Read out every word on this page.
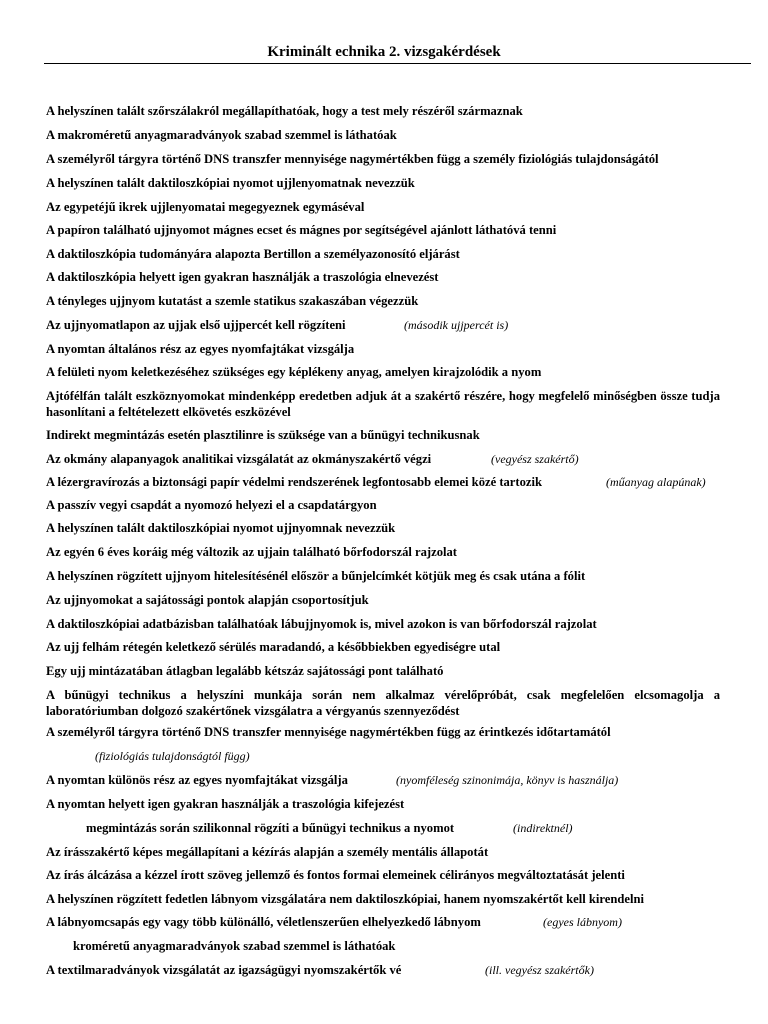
Kriminált echnika 2. vizsgakérdések
A helyszínen talált szőrszálakról megállapíthatóak, hogy a test mely részéről származnak
A makroméretű anyagmaradványok szabad szemmel is láthatóak
A személyről tárgyra történő DNS transzfer mennyisége nagymértékben függ a személy fiziológiás tulajdonságától
A helyszínen talált daktiloszkópiai nyomot ujjlenyomatnak nevezzük
Az egypetéjű ikrek ujjlenyomatai megegyeznek egymáséval
A papíron található ujjnyomot mágnes ecset és mágnes por segítségével ajánlott láthatóvá tenni
A daktiloszkópia tudományára alapozta Bertillon a személyazonosító eljárást
A daktiloszkópia helyett igen gyakran használják a traszológia elnevezést
A tényleges ujjnyom kutatást a szemle statikus szakaszában végezzük
Az ujjnyomatlapon az ujjak első ujjpercét kell rögzíteni	(második ujjpercét is)
A nyomtan általános rész az egyes nyomfajtákat vizsgálja
A felületi nyom keletkezéséhez szükséges egy képlékeny anyag, amelyen kirajzolódik a nyom
Ajtófélfán talált eszköznyomokat mindenképp eredetben adjuk át a szakértő részére, hogy megfelelő minőségben össze tudja hasonlítani a feltételezett elkövetés eszközével
Indirekt megmintázás esetén plasztilinre is szüksége van a bűnügyi technikusnak
Az okmány alapanyagok analitikai vizsgálatát az okmányszakértő végzi	(vegyész szakértő)
A lézergravírozás a biztonsági papír védelmi rendszerének legfontosabb elemei közé tartozik	(műanyag alapúnak)
A passzív vegyi csapdát a nyomozó helyezi el a csapdatárgyon
A helyszínen talált daktiloszkópiai nyomot ujjnyomnak nevezzük
Az egyén 6 éves koráig még változik az ujjain található bőrfodorszál rajzolat
A helyszínen rögzített ujjnyom hitelesítésénél először a bűnjelcímkét kötjük meg és csak utána a fólit
Az ujjnyomokat a sajátossági pontok alapján csoportosítjuk
A daktiloszkópiai adatbázisban találhatóak lábujjnyomok is, mivel azokon is van bőrfodorszál rajzolat
Az ujj felhám rétegén keletkező sérülés maradandó, a későbbiekben egyediségre utal
Egy ujj mintázatában átlagban legalább kétszáz sajátossági pont található
A bűnügyi technikus a helyszíni munkája során nem alkalmaz vérelőpróbát, csak megfelelően elcsomagolja a laboratóriumban dolgozó szakértőnek vizsgálatra a vérgyanús szennyeződést
A személyről tárgyra történő DNS transzfer mennyisége nagymértékben függ az érintkezés időtartamától
(fiziológiás tulajdonságtól függ)
A nyomtan különös rész az egyes nyomfajtákat vizsgálja	(nyomféleség szinonimája, könyv is használja)
A nyomtan helyett igen gyakran használják a traszológia kifejezést
megmintázás során szilikonnal rögzíti a bűnügyi technikus a nyomot	(indirektnél)
Az írásszakértő képes megállapítani a kézírás alapján a személy mentális állapotát
Az írás álcázása a kézzel írott szöveg jellemző és fontos formai elemeinek célirányos megváltoztatását jelenti
A helyszínen rögzített fedetlen lábnyom vizsgálatára nem daktiloszkópiai, hanem nyomszakértőt kell kirendelni
A lábnyomcsapás egy vagy több különálló, véletlenszerűen elhelyezkedő lábnyom	(egyes lábnyom)
kroméretű anyagmaradványok szabad szemmel is láthatóak
A textilmaradványok vizsgálatát az igazságügyi nyomszakértők vé	(ill. vegyész szakértők)
